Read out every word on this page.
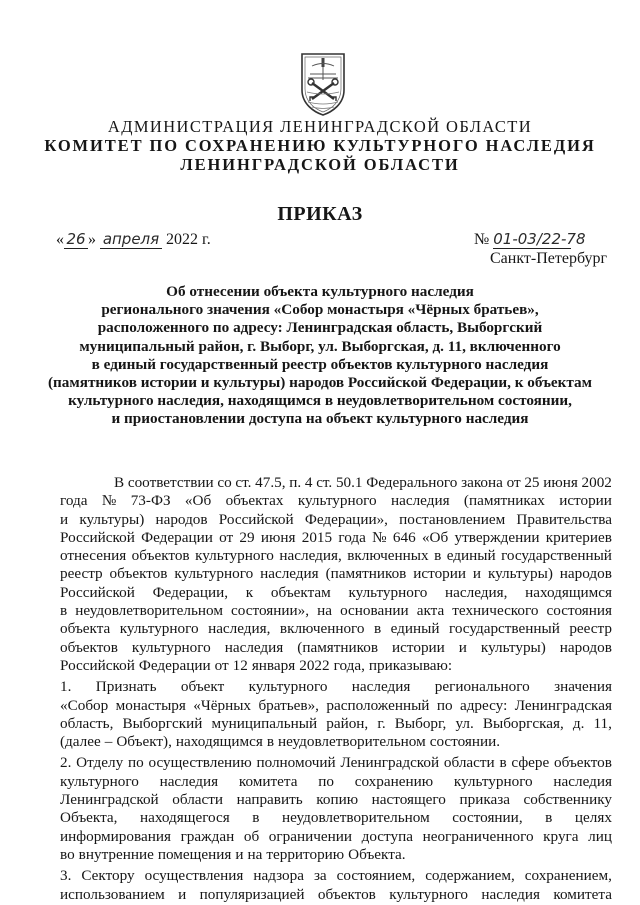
АДМИНИСТРАЦИЯ ЛЕНИНГРАДСКОЙ ОБЛАСТИ
КОМИТЕТ ПО СОХРАНЕНИЮ КУЛЬТУРНОГО НАСЛЕДИЯ
ЛЕНИНГРАДСКОЙ ОБЛАСТИ
ПРИКАЗ
« 26 » апреля 2022 г.	№ 01-03/22-78
Санкт-Петербург
Об отнесении объекта культурного наследия
регионального значения «Собор монастыря «Чёрных братьев»,
расположенного по адресу: Ленинградская область, Выборгский
муниципальный район, г. Выборг, ул. Выборгская, д. 11, включенного
в единый государственный реестр объектов культурного наследия
(памятников истории и культуры) народов Российской Федерации, к объектам
культурного наследия, находящимся в неудовлетворительном состоянии,
и приостановлении доступа на объект культурного наследия
В соответствии со ст. 47.5, п. 4 ст. 50.1 Федерального закона от 25 июня 2002
года № 73-ФЗ «Об объектах культурного наследия (памятниках истории
и культуры) народов Российской Федерации», постановлением Правительства
Российской Федерации от 29 июня 2015 года № 646 «Об утверждении критериев
отнесения объектов культурного наследия, включенных в единый государственный
реестр объектов культурного наследия (памятников истории и культуры) народов
Российской Федерации, к объектам культурного наследия, находящимся
в неудовлетворительном состоянии», на основании акта технического состояния
объекта культурного наследия, включенного в единый государственный реестр
объектов культурного наследия (памятников истории и культуры) народов
Российской Федерации от 12 января 2022 года, приказываю:
1. Признать объект культурного наследия регионального значения
«Собор монастыря «Чёрных братьев», расположенный по адресу: Ленинградская
область, Выборгский муниципальный район, г. Выборг, ул. Выборгская, д. 11,
(далее – Объект), находящимся в неудовлетворительном состоянии.
2. Отделу по осуществлению полномочий Ленинградской области в сфере объектов
культурного наследия комитета по сохранению культурного наследия
Ленинградской области направить копию настоящего приказа собственнику
Объекта, находящегося в неудовлетворительном состоянии, в целях
информирования граждан об ограничении доступа неограниченного круга лиц
во внутренние помещения и на территорию Объекта.
3. Сектору осуществления надзора за состоянием, содержанием, сохранением,
использованием и популяризацией объектов культурного наследия комитета
